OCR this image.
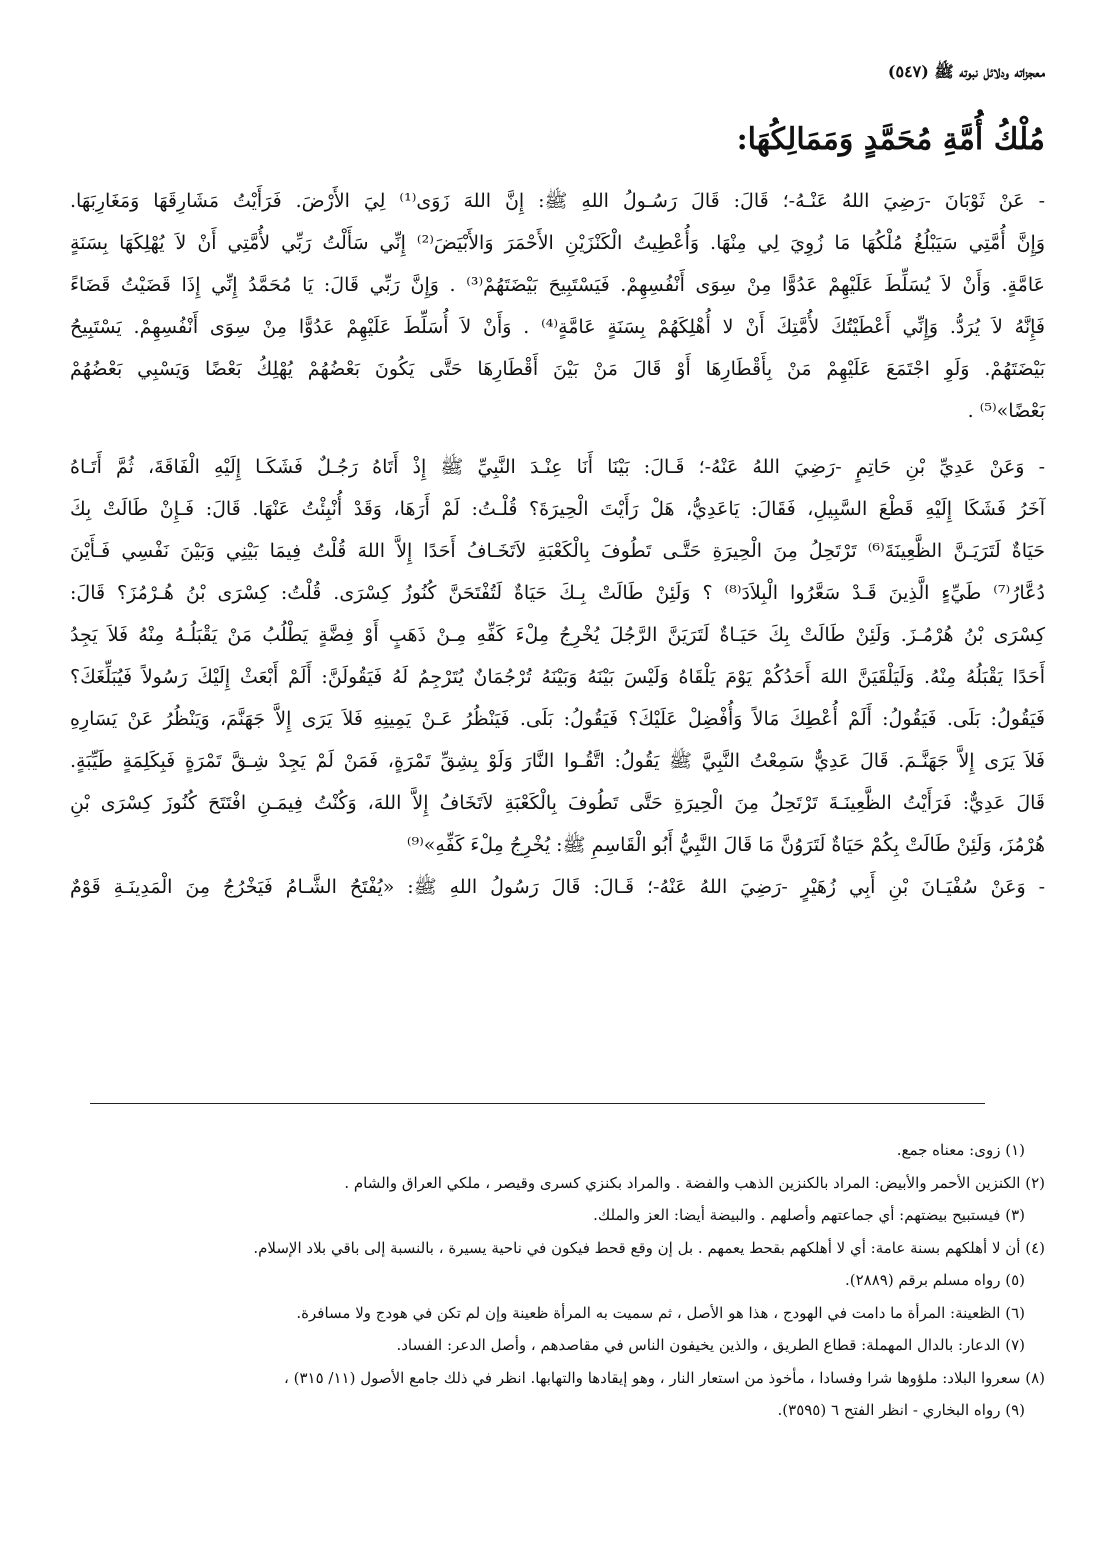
معجزاته ودلائل نبوته ﷺ (٥٤٧)
مُلْكُ أُمَّةِ مُحَمَّدٍ وَمَمَالِكُهَا:

- عَنْ ثَوْبَانَ -رَضِيَ اللهُ عَنْـهُ-؛ قَالَ: قَالَ رَسُـولُ اللهِ ﷺ: إِنَّ اللهَ زَوَى⁽¹⁾ لِيَ الأَرْضَ. فَرَأَيْتُ مَشَارِقَهَا وَمَغَارِبَهَا.
وَإِنَّ أُمَّتِي سَيَبْلُغُ مُلْكُهَا مَا زُوِيَ لِي مِنْهَا. وَأُعْطِيتُ الْكَنْزَيْنِ الأَحْمَرَ وَالأَبْيَضَ⁽²⁾ إِنِّي سَأَلْتُ رَبِّي لأُمَّتِي أَنْ لاَ يُهْلِكَهَا بِسَنَةٍ
عَامَّةٍ. وَأَنْ لاَ يُسَلِّطَ عَلَيْهِمْ عَدُوًّا مِنْ سِوَى أَنْفُسِهِمْ. فَيَسْتَبِيحَ بَيْضَتَهُمْ⁽³⁾ . وَإِنَّ رَبِّي قَالَ: يَا مُحَمَّدُ إِنِّي إِذَا قَضَيْتُ قَضَاءً
فَإِنَّهُ لاَ يُرَدُّ. وَإِنِّي أَعْطَيْتُكَ لأُمَّتِكَ أَنْ لا أُهْلِكَهُمْ بِسَنَةٍ عَامَّةٍ⁽⁴⁾ . وَأَنْ لاَ أُسَلِّطَ عَلَيْهِمْ عَدُوًّا مِنْ سِوَى أَنْفُسِهِمْ. يَسْتَبِيحُ
بَيْضَتَهُمْ. وَلَوِ اجْتَمَعَ عَلَيْهِمْ مَنْ بِأَقْطَارِهَا أَوْ قَالَ مَنْ بَيْنَ أَقْطَارِهَا حَتَّى يَكُونَ بَعْضُهُمْ يُهْلِكُ بَعْضًا وَيَسْبِي بَعْضُهُمْ
بَعْضًا»⁽⁵⁾ .

- وَعَنْ عَدِيِّ بْنِ حَاتِمٍ -رَضِيَ اللهُ عَنْهُ-؛ قَـالَ: بَيْنَا أَنَا عِنْـدَ النَّبِيِّ ﷺ إِذْ أَتَاهُ رَجُـلٌ فَشَكَـا إِلَيْهِ الْفَاقَةَ، ثُمَّ أَتَـاهُ
آخَرُ فَشَكَا إِلَيْهِ قَطْعَ السَّبِيلِ، فَقَالَ: يَاعَدِيُّ، هَلْ رَأَيْتَ الْحِيرَةَ؟ قُلْـتُ: لَمْ أَرَهَا، وَقَدْ أُنْبِئْتُ عَنْهَا. قَالَ: فَـإِنْ طَالَتْ بِكَ
حَيَاةٌ لَتَرَيَـنَّ الظَّعِينَةَ⁽⁶⁾ تَرْتَحِلُ مِنَ الْحِيرَةِ حَتَّـى تَطُوفَ بِالْكَعْبَةِ لاَتَخَـافُ أَحَدًا إِلاَّ اللهَ قُلْتُ فِيمَا بَيْنِي وَبَيْنَ نَفْسِي فَـأَيْنَ
دُعَّارُ⁽⁷⁾ طَيِّءٍ الَّذِينَ قَـدْ سَعَّرُوا الْبِلاَدَ⁽⁸⁾ ؟ وَلَئِنْ طَالَتْ بِـكَ حَيَاةٌ لَتُفْتَحَنَّ كُنُوزُ كِسْرَى. قُلْتُ: كِسْرَى بْنُ هُـرْمُزَ؟ قَالَ:
كِسْرَى بْنُ هُرْمُـزَ. وَلَئِنْ طَالَتْ بِكَ حَيَـاةٌ لَتَرَيَنَّ الرَّجُلَ يُخْرِجُ مِلْءَ كَفِّهِ مِـنْ ذَهَبٍ أَوْ فِضَّةٍ يَطْلُبُ مَنْ يَقْبَلُـهُ مِنْهُ فَلاَ يَجِدُ
أَحَدًا يَقْبَلُهُ مِنْهُ. وَلَيَلْقَيَنَّ اللهَ أَحَدُكُمْ يَوْمَ يَلْقَاهُ وَلَيْسَ بَيْنَهُ وَبَيْنَهُ تُرْجُمَانٌ يُتَرْجِمُ لَهُ فَيَقُولَنَّ: أَلَمْ أَبْعَثْ إِلَيْكَ رَسُولاً فَيُبَلِّغَكَ؟
فَيَقُولُ: بَلَى. فَيَقُولُ: أَلَمْ أُعْطِكَ مَالاً وَأُفْضِلْ عَلَيْكَ؟ فَيَقُولُ: بَلَى. فَيَنْظُرُ عَـنْ يَمِينِهِ فَلاَ يَرَى إِلاَّ جَهَنَّمَ، وَيَنْظُرُ عَنْ يَسَارِهِ
فَلاَ يَرَى إِلاَّ جَهَنَّـمَ. قَالَ عَدِيٌّ سَمِعْتُ النَّبِيَّ ﷺ يَقُولُ: اتَّقُـوا النَّارَ وَلَوْ بِشِقِّ تَمْرَةٍ، فَمَنْ لَمْ يَجِدْ شِـقَّ تَمْرَةٍ فَبِكَلِمَةٍ طَيِّبَةٍ.
قَالَ عَدِيٌّ: فَرَأَيْتُ الظَّعِينَـةَ تَرْتَحِلُ مِنَ الْحِيرَةِ حَتَّى تَطُوفَ بِالْكَعْبَةِ لاَتَخَافُ إِلاَّ اللهَ، وَكُنْتُ فِيمَـنِ افْتَتَحَ كُنُوزَ كِسْرَى بْنِ
هُرْمُزَ، وَلَئِنْ طَالَتْ بِكُمْ حَيَاةٌ لَتَرَوُنَّ مَا قَالَ النَّبِيُّ أَبُو الْقَاسِمِ ﷺ: يُخْرِجُ مِلْءَ كَفِّهِ»⁽⁹⁾

- وَعَنْ سُفْيَـانَ بْنِ أَبِي زُهَيْرٍ -رَضِيَ اللهُ عَنْهُ-؛ قَـالَ: قَالَ رَسُولُ اللهِ ﷺ: «يُفْتَحُ الشَّـامُ فَيَخْرُجُ مِنَ الْمَدِينَـةِ قَوْمٌ

(١) زوى: معناه جمع.
(٢) الكنزين الأحمر والأبيض: المراد بالكنزين الذهب والفضة . والمراد بكنزي كسرى وقيصر ، ملكي العراق والشام .
(٣) فيستبيح بيضتهم: أي جماعتهم وأصلهم . والبيضة أيضا: العز والملك.
(٤) أن لا أهلكهم بسنة عامة: أي لا أهلكهم بقحط يعمهم . بل إن وقع قحط فيكون في ناحية يسيرة ، بالنسبة إلى باقي بلاد الإسلام.
(٥) رواه مسلم برقم (٢٨٨٩).
(٦) الظعينة: المرأة ما دامت في الهودج ، هذا هو الأصل ، ثم سميت به المرأة ظعينة وإن لم تكن في هودج ولا مسافرة.
(٧) الدعار: بالدال المهملة: قطاع الطريق ، والذين يخيفون الناس في مقاصدهم ، وأصل الدعر: الفساد.
(٨) سعروا البلاد: ملؤوها شرا وفسادا ، مأخوذ من استعار النار ، وهو إيقادها والتهابها. انظر في ذلك جامع الأصول (١١/ ٣١٥) ،
(٩) رواه البخاري - انظر الفتح ٦ (٣٥٩٥).
